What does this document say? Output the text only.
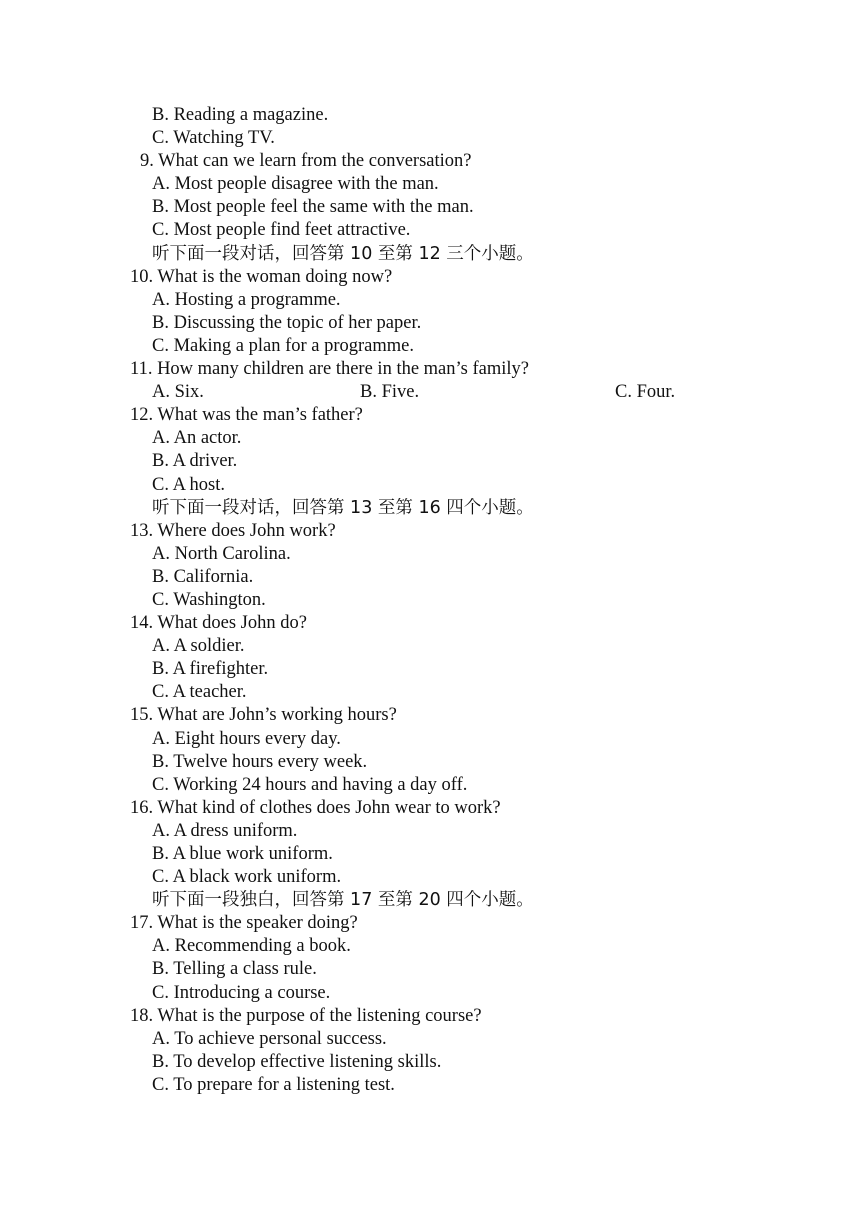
B. Reading a magazine.
C. Watching TV.
9. What can we learn from the conversation?
A. Most people disagree with the man.
B. Most people feel the same with the man.
C. Most people find feet attractive.
听下面一段对话，回答第 10 至第 12 三个小题。
10. What is the woman doing now?
A. Hosting a programme.
B. Discussing the topic of her paper.
C. Making a plan for a programme.
11. How many children are there in the man’s family?
A. Six.	B. Five.	C. Four.
12. What was the man’s father?
A. An actor.
B. A driver.
C. A host.
听下面一段对话，回答第 13 至第 16 四个小题。
13. Where does John work?
A. North Carolina.
B. California.
C. Washington.
14. What does John do?
A. A soldier.
B. A firefighter.
C. A teacher.
15. What are John’s working hours?
A. Eight hours every day.
B. Twelve hours every week.
C. Working 24 hours and having a day off.
16. What kind of clothes does John wear to work?
A. A dress uniform.
B. A blue work uniform.
C. A black work uniform.
听下面一段独白，回答第 17 至第 20 四个小题。
17. What is the speaker doing?
A. Recommending a book.
B. Telling a class rule.
C. Introducing a course.
18. What is the purpose of the listening course?
A. To achieve personal success.
B. To develop effective listening skills.
C. To prepare for a listening test.
